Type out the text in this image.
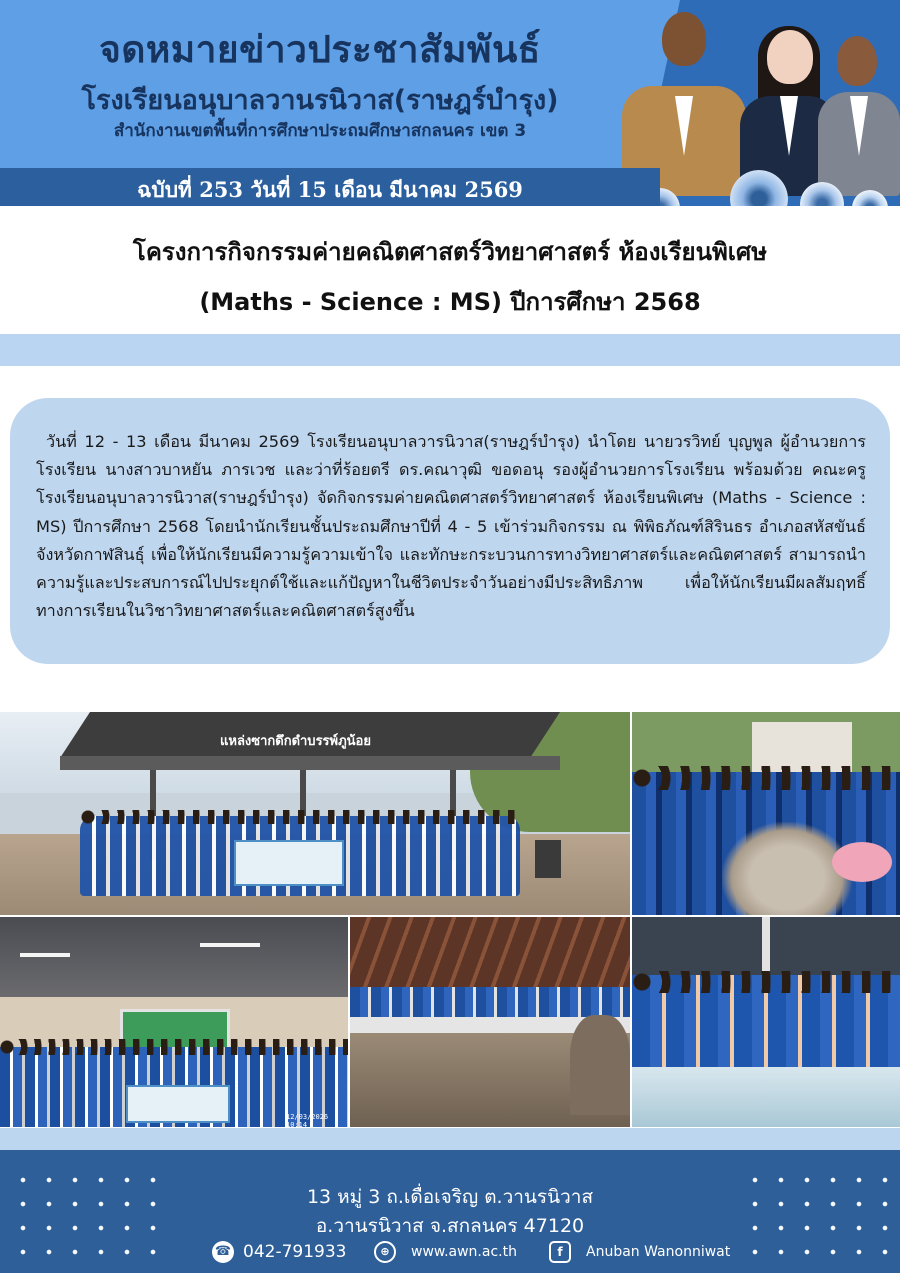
จดหมายข่าวประชาสัมพันธ์
โรงเรียนอนุบาลวานรนิวาส(ราษฎร์บำรุง)
สำนักงานเขตพื้นที่การศึกษาประถมศึกษาสกลนคร เขต 3
ฉบับที่ 253 วันที่ 15 เดือน มีนาคม 2569
โครงการกิจกรรมค่ายคณิตศาสตร์วิทยาศาสตร์ ห้องเรียนพิเศษ
(Maths - Science : MS) ปีการศึกษา 2568

วันที่ 12 - 13 เดือน มีนาคม 2569 โรงเรียนอนุบาลวารนิวาส(ราษฎร์บำรุง) นำโดย นายวรวิทย์ บุญพูล ผู้อำนวยการโรงเรียน นางสาวบาหยัน ภารเวช และว่าที่ร้อยตรี ดร.คณาวุฒิ ขอดอนุ รองผู้อำนวยการโรงเรียน พร้อมด้วย คณะครู โรงเรียนอนุบาลวารนิวาส(ราษฎร์บำรุง) จัดกิจกรรมค่ายคณิตศาสตร์วิทยาศาสตร์ ห้องเรียนพิเศษ (Maths - Science : MS) ปีการศึกษา 2568 โดยนำนักเรียนชั้นประถมศึกษาปีที่ 4 - 5 เข้าร่วมกิจกรรม ณ พิพิธภัณฑ์สิรินธร อำเภอสหัสขันธ์ จังหวัดกาฬสินธุ์ เพื่อให้นักเรียนมีความรู้ความเข้าใจ และทักษะกระบวนการทางวิทยาศาสตร์และคณิตศาสตร์ สามารถนำความรู้และประสบการณ์ไปประยุกต์ใช้และแก้ปัญหาในชีวิตประจำวันอย่างมีประสิทธิภาพ เพื่อให้นักเรียนมีผลสัมฤทธิ์ทางการเรียนในวิชาวิทยาศาสตร์และคณิตศาสตร์สูงขึ้น

แหล่งซากดึกดำบรรพ์ภูน้อย
12/03/2026 10:14
13 หมู่ 3 ถ.เดื่อเจริญ ต.วานรนิวาส
อ.วานรนิวาส จ.สกลนคร 47120
☎ 042-791933	⊕	www.awn.ac.th	f	Anuban Wanonniwat
